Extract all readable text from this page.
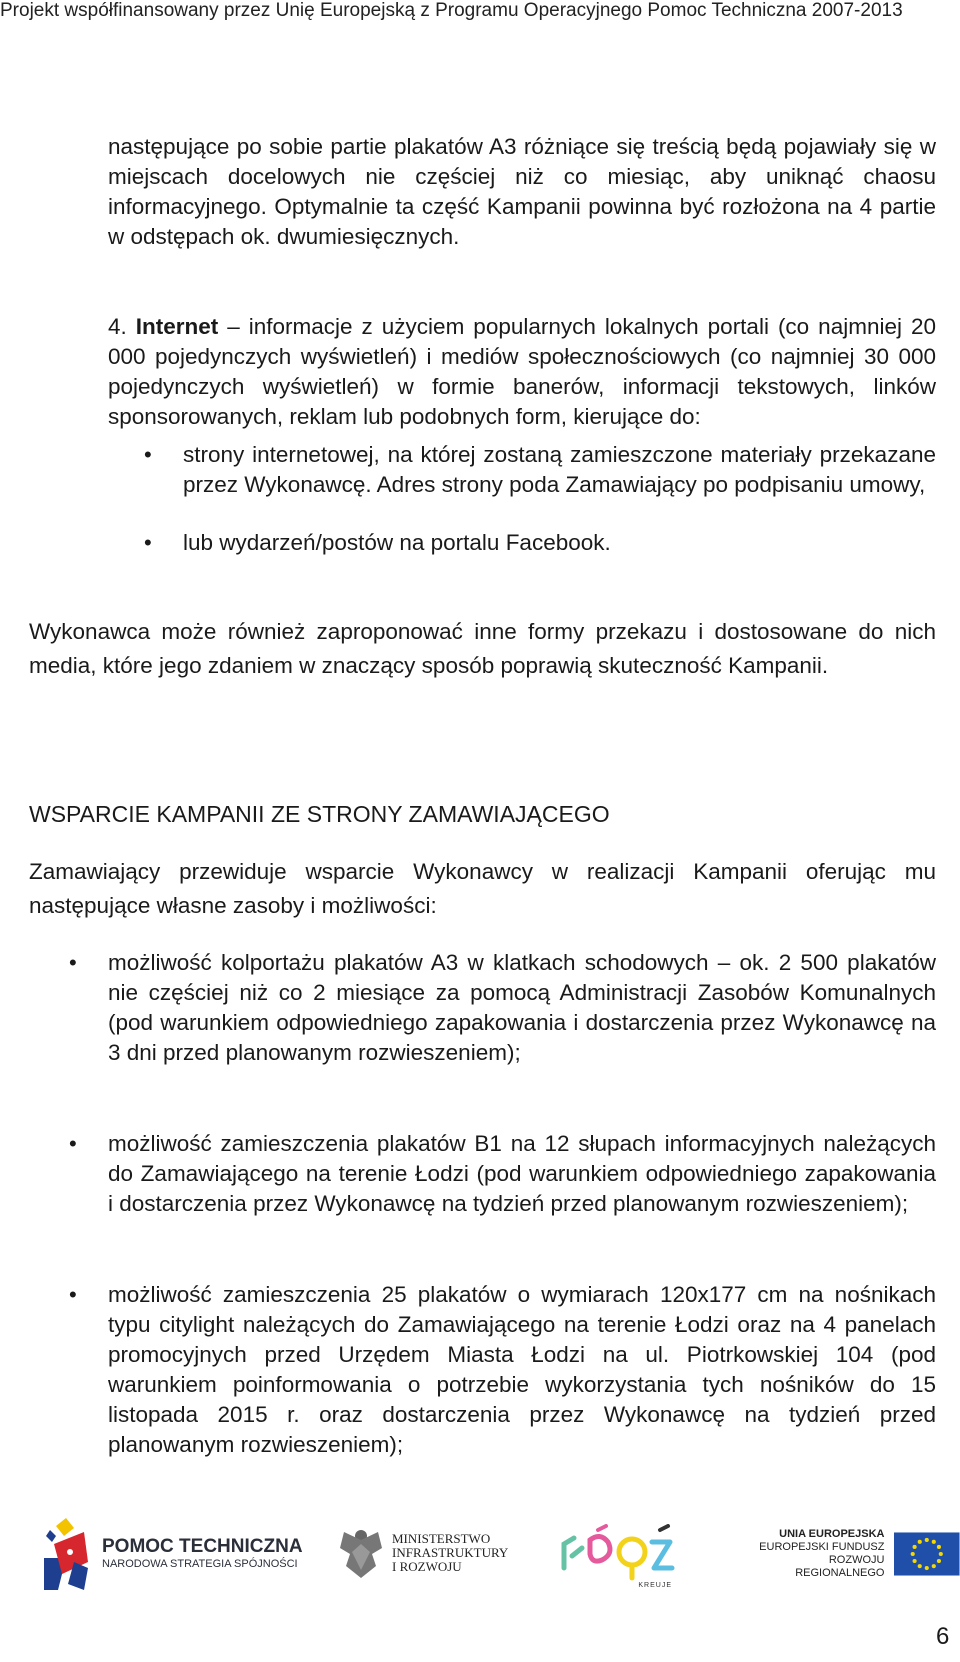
Projekt współfinansowany przez Unię Europejską z Programu Operacyjnego Pomoc Techniczna 2007-2013
następujące po sobie partie plakatów A3 różniące się treścią będą pojawiały się w miejscach docelowych nie częściej niż co miesiąc, aby uniknąć chaosu informacyjnego. Optymalnie ta część Kampanii powinna być rozłożona na 4 partie w odstępach ok. dwumiesięcznych.
4. Internet – informacje z użyciem popularnych lokalnych portali (co najmniej 20 000 pojedynczych wyświetleń) i mediów społecznościowych (co najmniej 30 000 pojedynczych wyświetleń) w formie banerów, informacji tekstowych, linków sponsorowanych, reklam lub podobnych form, kierujące do:
• strony internetowej, na której zostaną zamieszczone materiały przekazane przez Wykonawcę. Adres strony poda Zamawiający po podpisaniu umowy,
• lub wydarzeń/postów na portalu Facebook.
Wykonawca może również zaproponować inne formy przekazu i dostosowane do nich media, które jego zdaniem w znaczący sposób poprawią skuteczność Kampanii.
WSPARCIE KAMPANII ZE STRONY ZAMAWIAJĄCEGO
Zamawiający przewiduje wsparcie Wykonawcy w realizacji Kampanii oferując mu następujące własne zasoby i możliwości:
• możliwość kolportażu plakatów A3 w klatkach schodowych – ok. 2 500 plakatów nie częściej niż co 2 miesiące za pomocą Administracji Zasobów Komunalnych (pod warunkiem odpowiedniego zapakowania i dostarczenia przez Wykonawcę na 3 dni przed planowanym rozwieszeniem);
• możliwość zamieszczenia plakatów B1 na 12 słupach informacyjnych należących do Zamawiającego na terenie Łodzi (pod warunkiem odpowiedniego zapakowania i dostarczenia przez Wykonawcę na tydzień przed planowanym rozwieszeniem);
• możliwość zamieszczenia 25 plakatów o wymiarach 120x177 cm na nośnikach typu citylight należących do Zamawiającego na terenie Łodzi oraz na 4 panelach promocyjnych przed Urzędem Miasta Łodzi na ul. Piotrkowskiej 104 (pod warunkiem poinformowania o potrzebie wykorzystania tych nośników do 15 listopada 2015 r. oraz dostarczenia przez Wykonawcę na tydzień przed planowanym rozwieszeniem);
POMOC TECHNICZNA
NARODOWA STRATEGIA SPÓJNOŚCI
MINISTERSTWO
INFRASTRUKTURY
I ROZWOJU
KREUJE
UNIA EUROPEJSKA
EUROPEJSKI FUNDUSZ
ROZWOJU REGIONALNEGO
6
